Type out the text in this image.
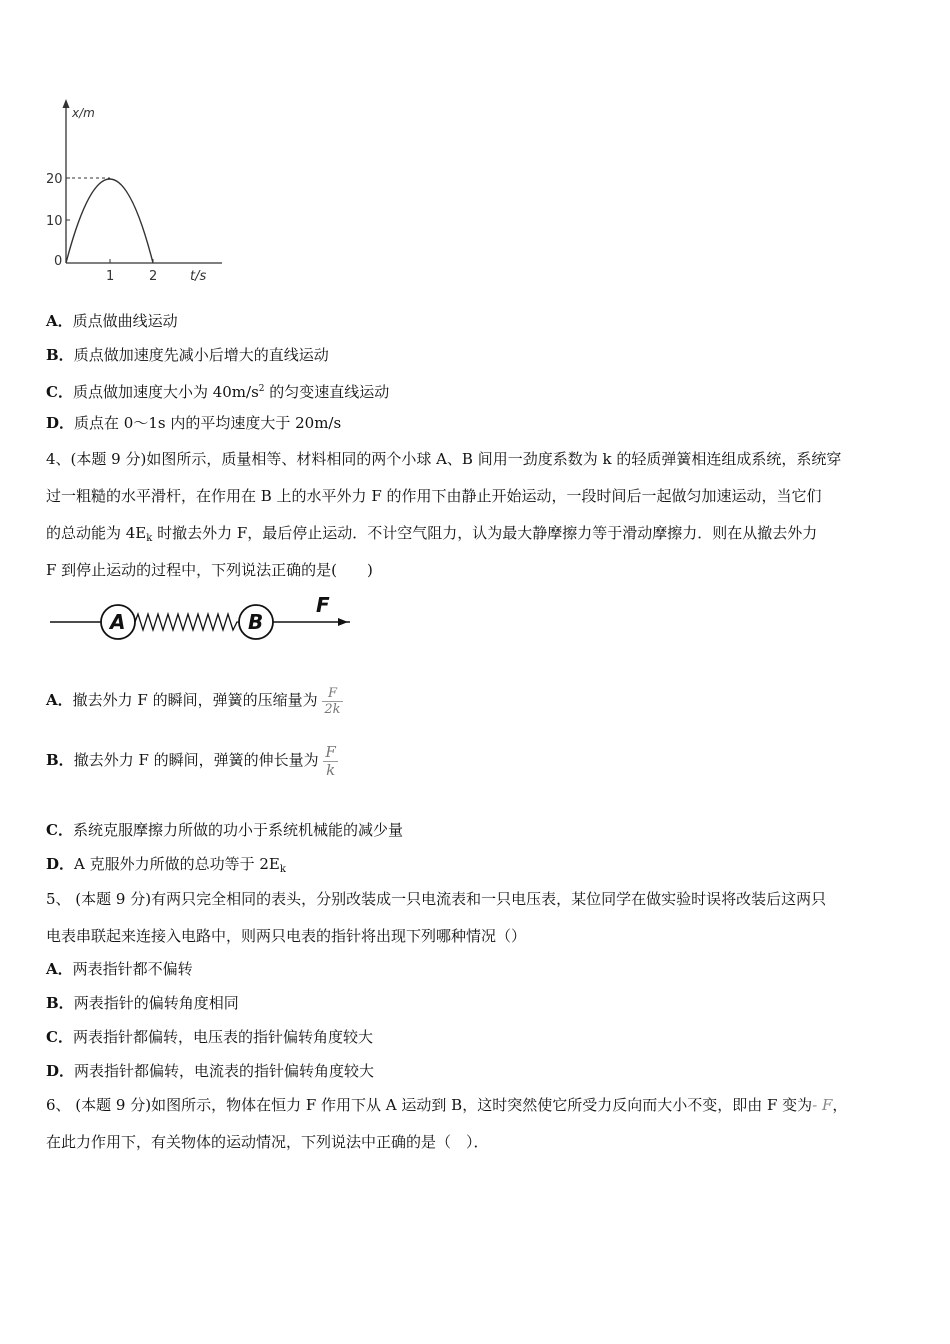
x/m
20
10
0
1	2	t/s
A．质点做曲线运动
B．质点做加速度先减小后增大的直线运动
C．质点做加速度大小为 $40m/s^2$ 的匀变速直线运动
D．质点在 0～1s 内的平均速度大于 20m/s
4、(本题 9 分)如图所示，质量相等、材料相同的两个小球 A、B 间用一劲度系数为 k 的轻质弹簧相连组成系统，系统穿
过一粗糙的水平滑杆，在作用在 B 上的水平外力 F 的作用下由静止开始运动，一段时间后一起做匀加速运动，当它们
的总动能为 $4E_k$ 时撤去外力 F，最后停止运动．不计空气阻力，认为最大静摩擦力等于滑动摩擦力．则在从撤去外力
F 到停止运动的过程中，下列说法正确的是(　　)
A	B
F
A．撤去外力 F 的瞬间，弹簧的压缩量为 $\frac{F}{2k}$
B．撤去外力 F 的瞬间，弹簧的伸长量为 $\frac{F}{k}$
C．系统克服摩擦力所做的功小于系统机械能的减少量
D．A 克服外力所做的总功等于 $2E_k$
5、 (本题 9 分)有两只完全相同的表头，分别改装成一只电流表和一只电压表，某位同学在做实验时误将改装后这两只
电表串联起来连接入电路中，则两只电表的指针将出现下列哪种情况（）
A．两表指针都不偏转
B．两表指针的偏转角度相同
C．两表指针都偏转，电压表的指针偏转角度较大
D．两表指针都偏转，电流表的指针偏转角度较大
6、 (本题 9 分)如图所示，物体在恒力 F 作用下从 A 运动到 B，这时突然使它所受力反向而大小不变，即由 F 变为- F，
在此力作用下，有关物体的运动情况，下列说法中正确的是（　）．
